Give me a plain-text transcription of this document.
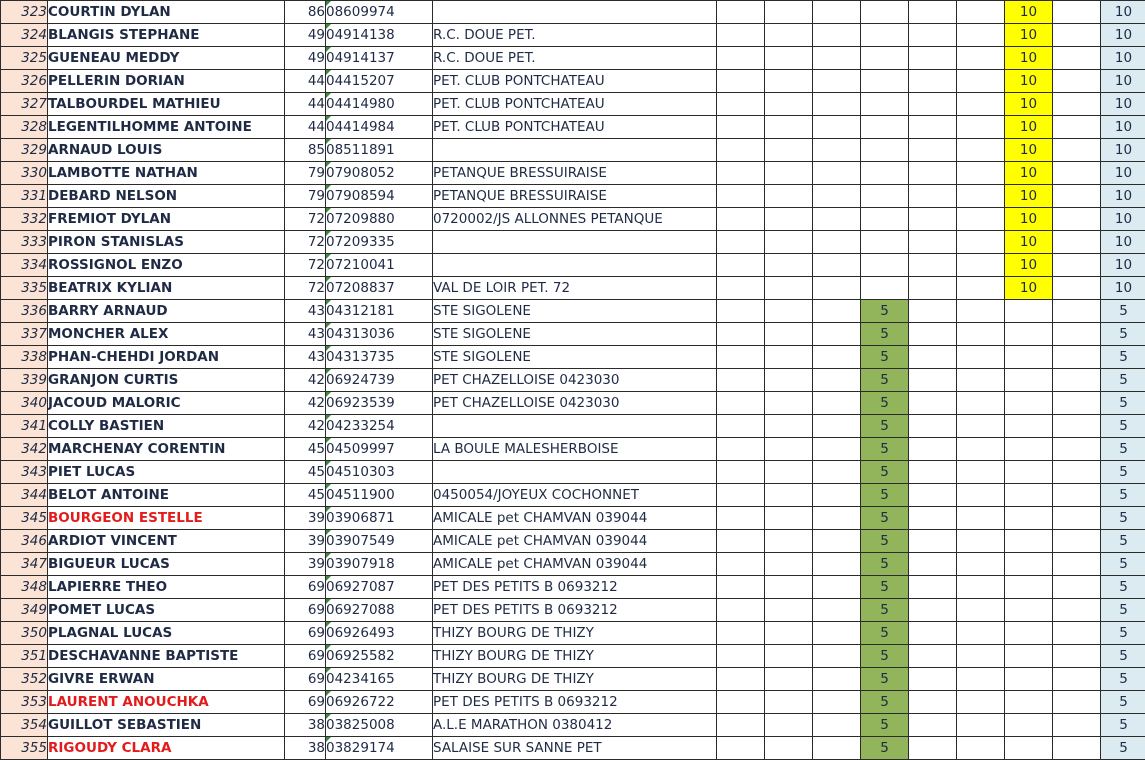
323	COURTIN DYLAN	86	08609974								10		10
324	BLANGIS STEPHANE	49	04914138	R.C. DOUE PET.							10		10
325	GUENEAU MEDDY	49	04914137	R.C. DOUE PET.							10		10
326	PELLERIN DORIAN	44	04415207	PET. CLUB PONTCHATEAU							10		10
327	TALBOURDEL MATHIEU	44	04414980	PET. CLUB PONTCHATEAU							10		10
328	LEGENTILHOMME ANTOINE	44	04414984	PET. CLUB PONTCHATEAU							10		10
329	ARNAUD LOUIS	85	08511891								10		10
330	LAMBOTTE NATHAN	79	07908052	PETANQUE BRESSUIRAISE							10		10
331	DEBARD NELSON	79	07908594	PETANQUE BRESSUIRAISE							10		10
332	FREMIOT DYLAN	72	07209880	0720002/JS ALLONNES PETANQUE							10		10
333	PIRON STANISLAS	72	07209335								10		10
334	ROSSIGNOL ENZO	72	07210041								10		10
335	BEATRIX KYLIAN	72	07208837	VAL DE LOIR PET. 72							10		10
336	BARRY ARNAUD	43	04312181	STE SIGOLENE				5					5
337	MONCHER ALEX	43	04313036	STE SIGOLENE				5					5
338	PHAN-CHEHDI JORDAN	43	04313735	STE SIGOLENE				5					5
339	GRANJON CURTIS	42	06924739	PET CHAZELLOISE 0423030				5					5
340	JACOUD MALORIC	42	06923539	PET CHAZELLOISE 0423030				5					5
341	COLLY BASTIEN	42	04233254					5					5
342	MARCHENAY CORENTIN	45	04509997	LA BOULE MALESHERBOISE				5					5
343	PIET LUCAS	45	04510303					5					5
344	BELOT ANTOINE	45	04511900	0450054/JOYEUX COCHONNET				5					5
345	BOURGEON ESTELLE	39	03906871	AMICALE pet CHAMVAN 039044				5					5
346	ARDIOT VINCENT	39	03907549	AMICALE pet CHAMVAN 039044				5					5
347	BIGUEUR LUCAS	39	03907918	AMICALE pet CHAMVAN 039044				5					5
348	LAPIERRE THEO	69	06927087	PET DES PETITS B 0693212				5					5
349	POMET LUCAS	69	06927088	PET DES PETITS B 0693212				5					5
350	PLAGNAL LUCAS	69	06926493	THIZY BOURG DE THIZY				5					5
351	DESCHAVANNE BAPTISTE	69	06925582	THIZY BOURG DE THIZY				5					5
352	GIVRE ERWAN	69	04234165	THIZY BOURG DE THIZY				5					5
353	LAURENT ANOUCHKA	69	06926722	PET DES PETITS B 0693212				5					5
354	GUILLOT SEBASTIEN	38	03825008	A.L.E MARATHON 0380412				5					5
355	RIGOUDY CLARA	38	03829174	SALAISE SUR SANNE PET				5					5
